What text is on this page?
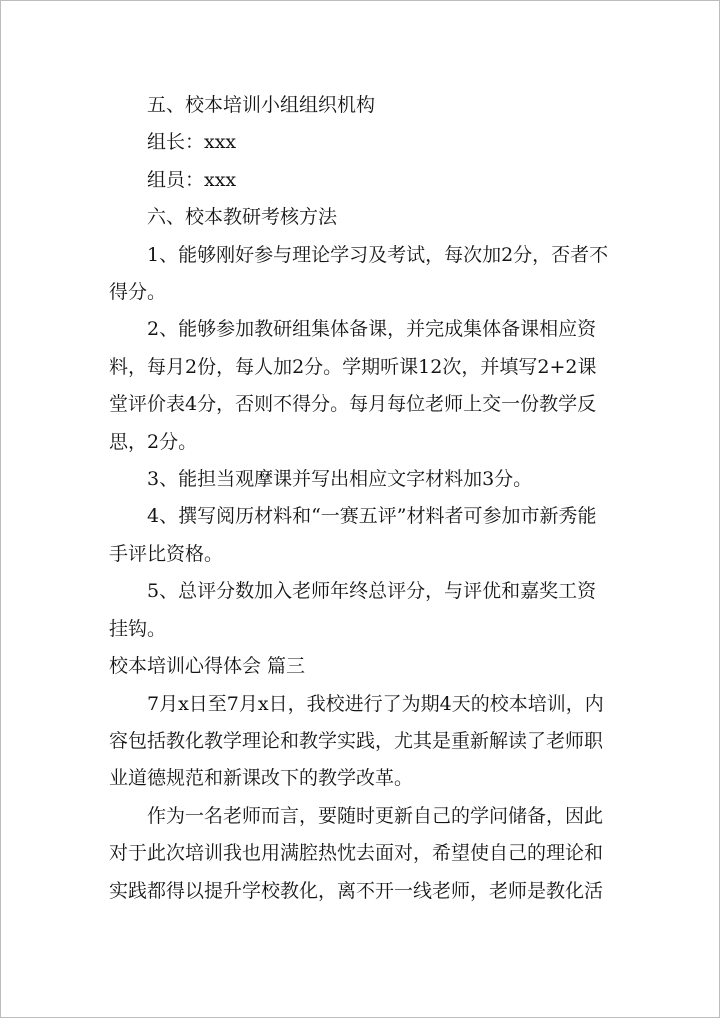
五、校本培训小组组织机构

组长：xxx

组员：xxx

六、校本教研考核方法

1、能够刚好参与理论学习及考试，每次加2分，否者不得分。

2、能够参加教研组集体备课，并完成集体备课相应资料，每月2份，每人加2分。学期听课12次，并填写2+2课堂评价表4分，否则不得分。每月每位老师上交一份教学反思，2分。

3、能担当观摩课并写出相应文字材料加3分。

4、撰写阅历材料和“一赛五评”材料者可参加市新秀能手评比资格。

5、总评分数加入老师年终总评分，与评优和嘉奖工资挂钩。

校本培训心得体会 篇三

7月x日至7月x日，我校进行了为期4天的校本培训，内容包括教化教学理论和教学实践，尤其是重新解读了老师职业道德规范和新课改下的教学改革。

作为一名老师而言，要随时更新自己的学问储备，因此对于此次培训我也用满腔热忱去面对，希望使自己的理论和实践都得以提升学校教化，离不开一线老师，老师是教化活
